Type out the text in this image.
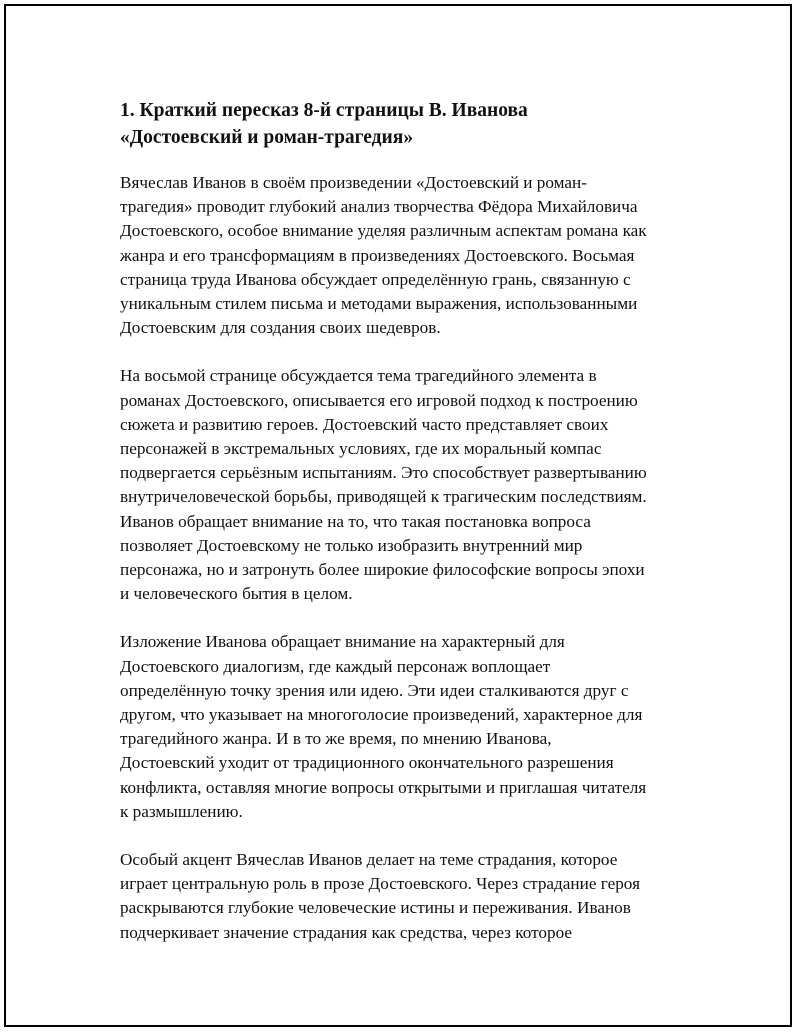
1. Краткий пересказ 8-й страницы В. Иванова
«Достоевский и роман-трагедия»

Вячеслав Иванов в своём произведении «Достоевский и роман-
трагедия» проводит глубокий анализ творчества Фёдора Михайловича
Достоевского, особое внимание уделяя различным аспектам романа как
жанра и его трансформациям в произведениях Достоевского. Восьмая
страница труда Иванова обсуждает определённую грань, связанную с
уникальным стилем письма и методами выражения, использованными
Достоевским для создания своих шедевров.

На восьмой странице обсуждается тема трагедийного элемента в
романах Достоевского, описывается его игровой подход к построению
сюжета и развитию героев. Достоевский часто представляет своих
персонажей в экстремальных условиях, где их моральный компас
подвергается серьёзным испытаниям. Это способствует развертыванию
внутричеловеческой борьбы, приводящей к трагическим последствиям.
Иванов обращает внимание на то, что такая постановка вопроса
позволяет Достоевскому не только изобразить внутренний мир
персонажа, но и затронуть более широкие философские вопросы эпохи
и человеческого бытия в целом.

Изложение Иванова обращает внимание на характерный для
Достоевского диалогизм, где каждый персонаж воплощает
определённую точку зрения или идею. Эти идеи сталкиваются друг с
другом, что указывает на многоголосие произведений, характерное для
трагедийного жанра. И в то же время, по мнению Иванова,
Достоевский уходит от традиционного окончательного разрешения
конфликта, оставляя многие вопросы открытыми и приглашая читателя
к размышлению.

Особый акцент Вячеслав Иванов делает на теме страдания, которое
играет центральную роль в прозе Достоевского. Через страдание героя
раскрываются глубокие человеческие истины и переживания. Иванов
подчеркивает значение страдания как средства, через которое
